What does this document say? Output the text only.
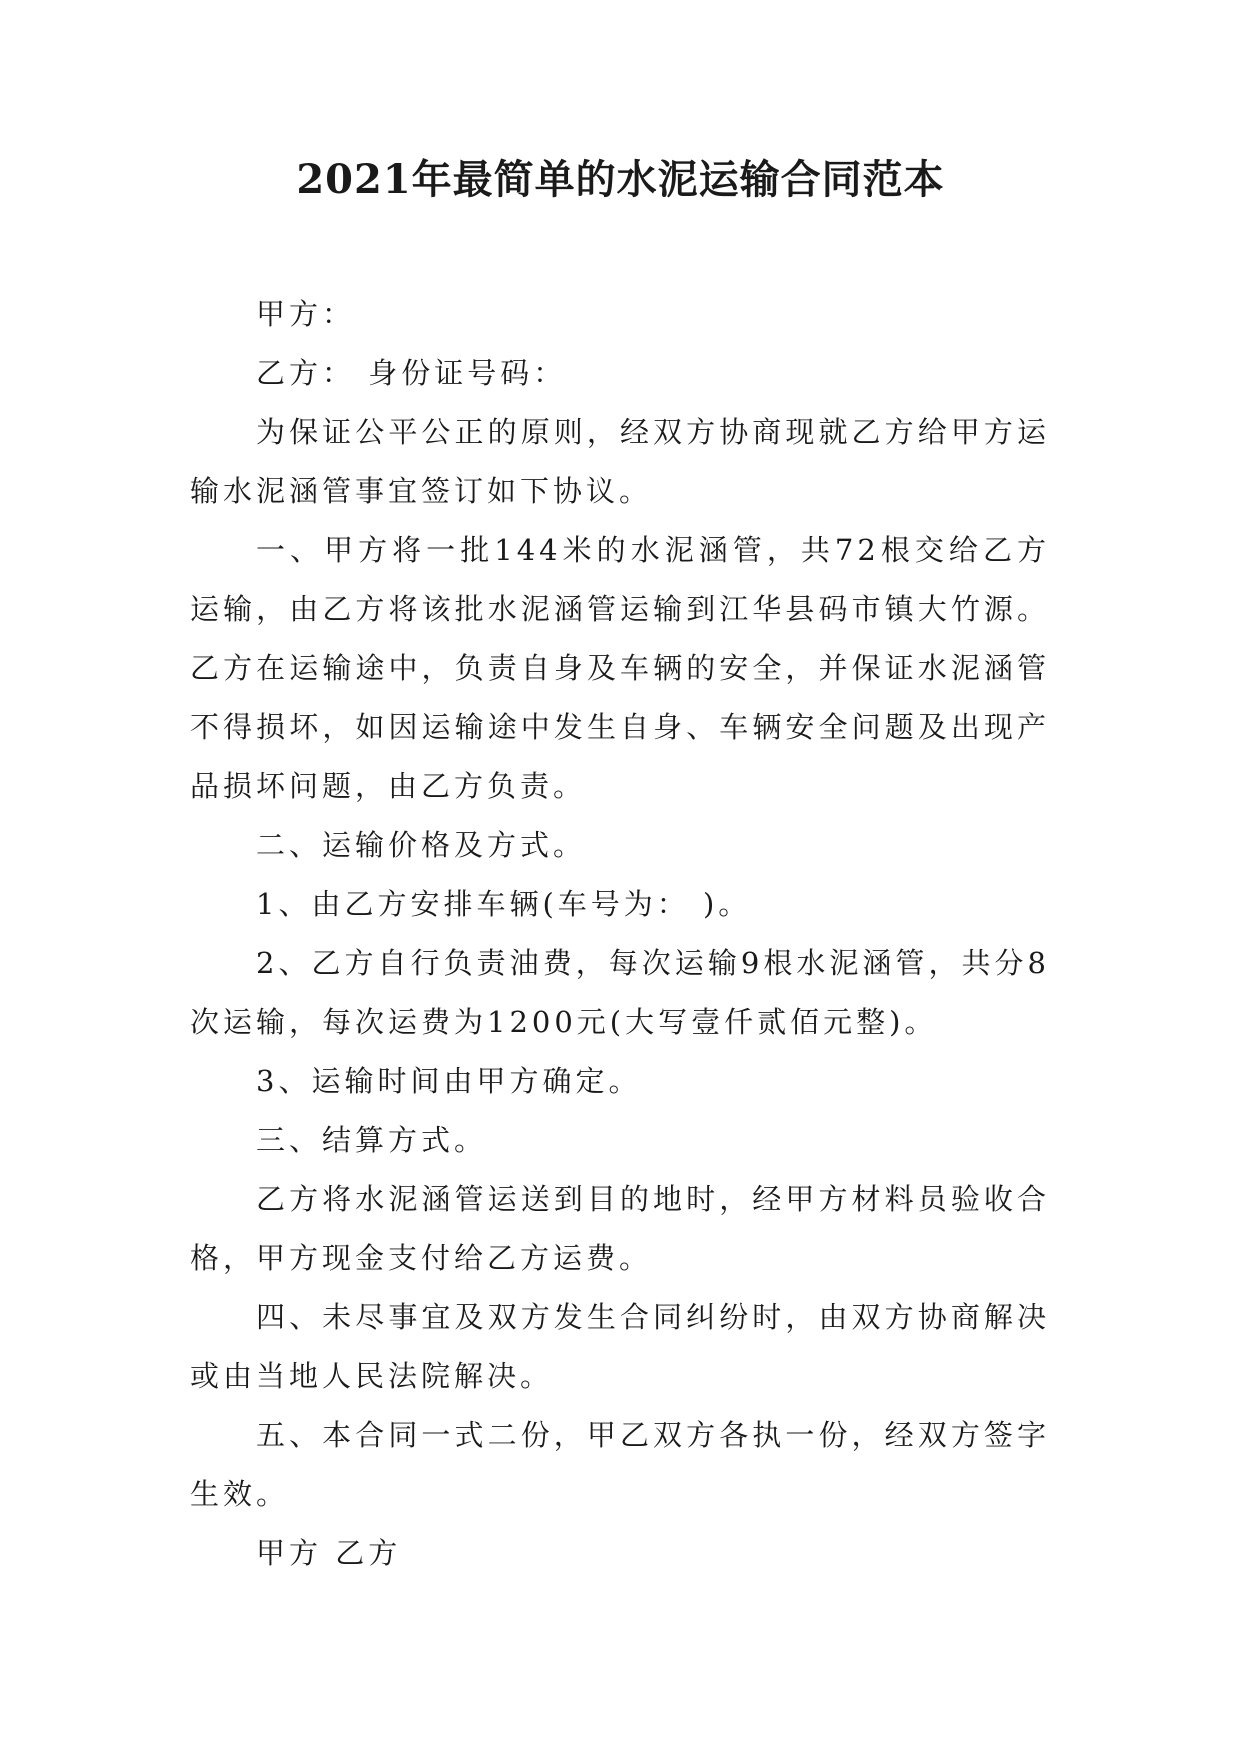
2021年最简单的水泥运输合同范本

甲方：

乙方： 身份证号码：

为保证公平公正的原则，经双方协商现就乙方给甲方运输水泥涵管事宜签订如下协议。

一、甲方将一批144米的水泥涵管，共72根交给乙方运输，由乙方将该批水泥涵管运输到江华县码市镇大竹源。乙方在运输途中，负责自身及车辆的安全，并保证水泥涵管不得损坏，如因运输途中发生自身、车辆安全问题及出现产品损坏问题，由乙方负责。

二、运输价格及方式。

1、由乙方安排车辆(车号为： )。

2、乙方自行负责油费，每次运输9根水泥涵管，共分8次运输，每次运费为1200元(大写壹仟贰佰元整)。

3、运输时间由甲方确定。

三、结算方式。

乙方将水泥涵管运送到目的地时，经甲方材料员验收合格，甲方现金支付给乙方运费。

四、未尽事宜及双方发生合同纠纷时，由双方协商解决或由当地人民法院解决。

五、本合同一式二份，甲乙双方各执一份，经双方签字生效。

甲方 乙方
